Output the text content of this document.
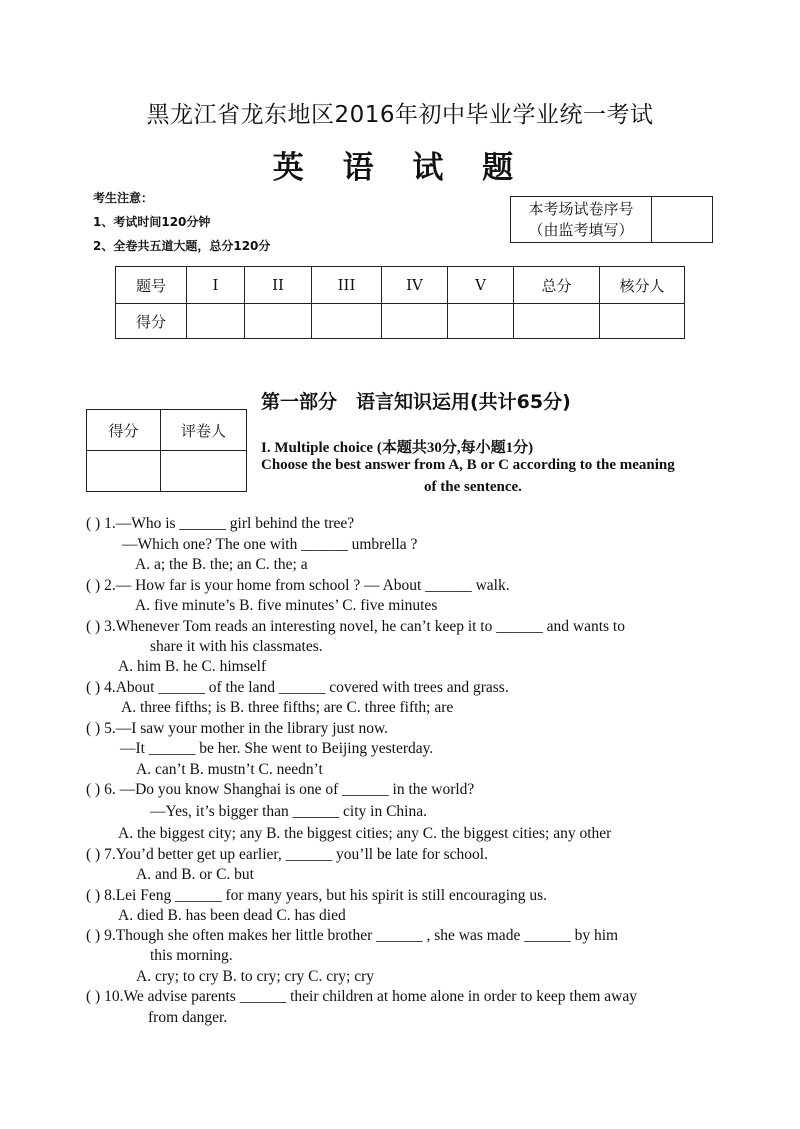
黑龙江省龙东地区2016年初中毕业学业统一考试
英 语 试 题
考生注意：
1、考试时间120分钟
2、全卷共五道大题，总分120分
本考场试卷序号
（由监考填写）

题号	I	II	III	IV	V	总分	核分人
得分							
第一部分　语言知识运用(共计65分)
得分	评卷人

I. Multiple choice (本题共30分,每小题1分)
Choose the best answer from A, B or C according to the meaning
of the sentence.
( ) 1.—Who is ______ girl behind the tree?
—Which one? The one with ______ umbrella ?
A. a; the B. the; an C. the; a
( ) 2.— How far is your home from school ? — About ______ walk.
A. five minute’s B. five minutes’ C. five minutes
( ) 3.Whenever Tom reads an interesting novel, he can’t keep it to ______ and wants to
share it with his classmates.
A. him B. he C. himself
( ) 4.About ______ of the land ______ covered with trees and grass.
A. three fifths; is B. three fifths; are C. three fifth; are
( ) 5.—I saw your mother in the library just now.
—It ______ be her. She went to Beijing yesterday.
A. can’t B. mustn’t C. needn’t
( ) 6. —Do you know Shanghai is one of ______ in the world?
—Yes, it’s bigger than ______ city in China.
A. the biggest city; any B. the biggest cities; any C. the biggest cities; any other
( ) 7.You’d better get up earlier, ______ you’ll be late for school.
A. and B. or C. but
( ) 8.Lei Feng ______ for many years, but his spirit is still encouraging us.
A. died B. has been dead C. has died
( ) 9.Though she often makes her little brother ______ , she was made ______ by him
this morning.
A. cry; to cry B. to cry; cry C. cry; cry
( ) 10.We advise parents ______ their children at home alone in order to keep them away
from danger.
